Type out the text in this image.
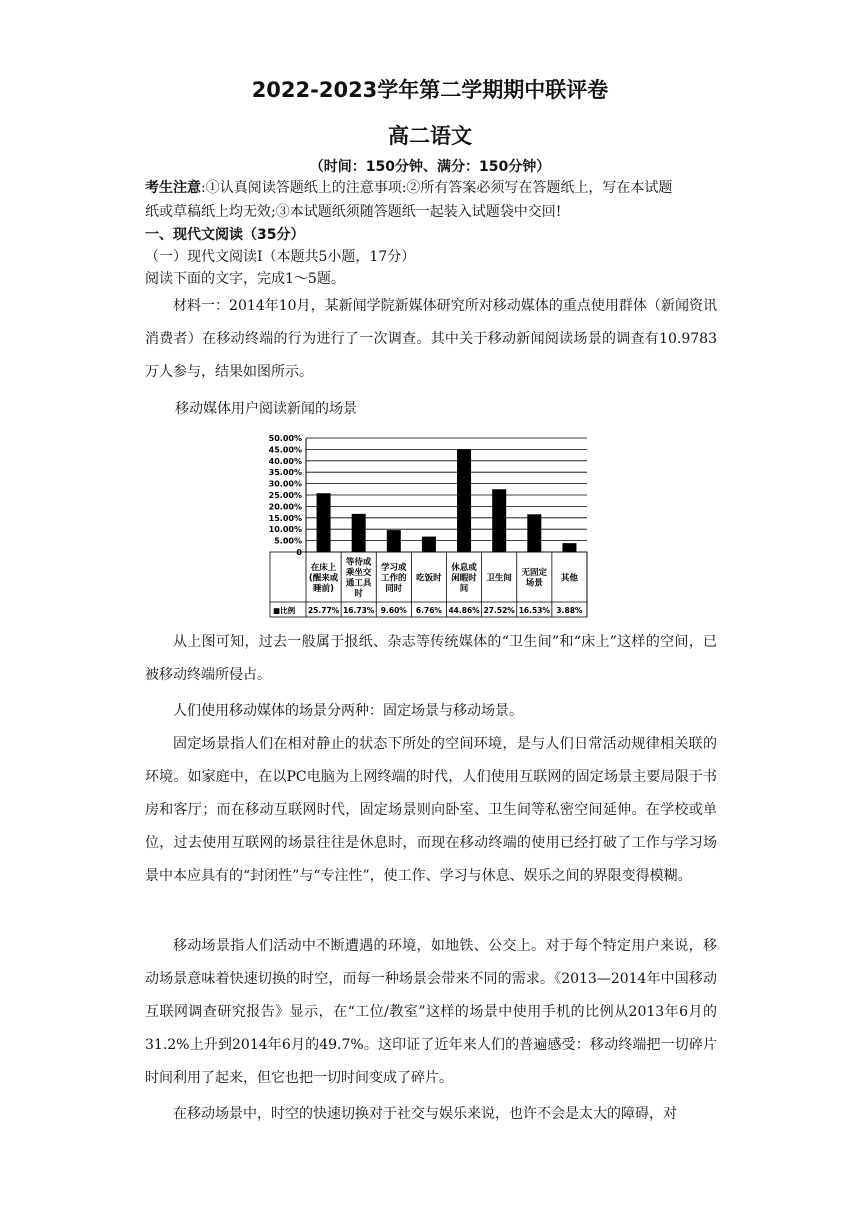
2022-2023学年第二学期期中联评卷
高二语文
（时间：150分钟、满分：150分钟）
考生注意:①认真阅读答题纸上的注意事项:②所有答案必须写在答题纸上，写在本试题
纸或草稿纸上均无效;③本试题纸须随答题纸一起装入试题袋中交回!
一、现代文阅读（35分）
（一）现代文阅读Ⅰ（本题共5小题，17分）
阅读下面的文字，完成1～5题。

材料一：2014年10月，某新闻学院新媒体研究所对移动媒体的重点使用群体（新闻资讯消费者）在移动终端的行为进行了一次调查。其中关于移动新闻阅读场景的调查有10.9783万人参与，结果如图所示。

移动媒体用户阅读新闻的场景
50.00%
45.00%
40.00%
35.00%
30.00%
25.00%
20.00%
15.00%
10.00%
5.00%
0
■比例
在床上
(醒来或
睡前)
25.77%
等待或
乘坐交
通工具
时
16.73%
学习或
工作的
同时
9.60%
吃饭时
6.76%
休息或
闲暇时
间
44.86%
卫生间
27.52%
无固定
场景
16.53%
其他
3.88%

从上图可知，过去一般属于报纸、杂志等传统媒体的“卫生间”和“床上”这样的空间，已被移动终端所侵占。

人们使用移动媒体的场景分两种：固定场景与移动场景。

固定场景指人们在相对静止的状态下所处的空间环境，是与人们日常活动规律相关联的环境。如家庭中，在以PC电脑为上网终端的时代，人们使用互联网的固定场景主要局限于书房和客厅；而在移动互联网时代，固定场景则向卧室、卫生间等私密空间延伸。在学校或单位，过去使用互联网的场景往往是休息时，而现在移动终端的使用已经打破了工作与学习场景中本应具有的“封闭性”与“专注性”，使工作、学习与休息、娱乐之间的界限变得模糊。

移动场景指人们活动中不断遭遇的环境，如地铁、公交上。对于每个特定用户来说，移动场景意味着快速切换的时空，而每一种场景会带来不同的需求。《2013—2014年中国移动互联网调查研究报告》显示，在“工位/教室”这样的场景中使用手机的比例从2013年6月的31.2%上升到2014年6月的49.7%。这印证了近年来人们的普遍感受：移动终端把一切碎片时间利用了起来，但它也把一切时间变成了碎片。

在移动场景中，时空的快速切换对于社交与娱乐来说，也许不会是太大的障碍，对
